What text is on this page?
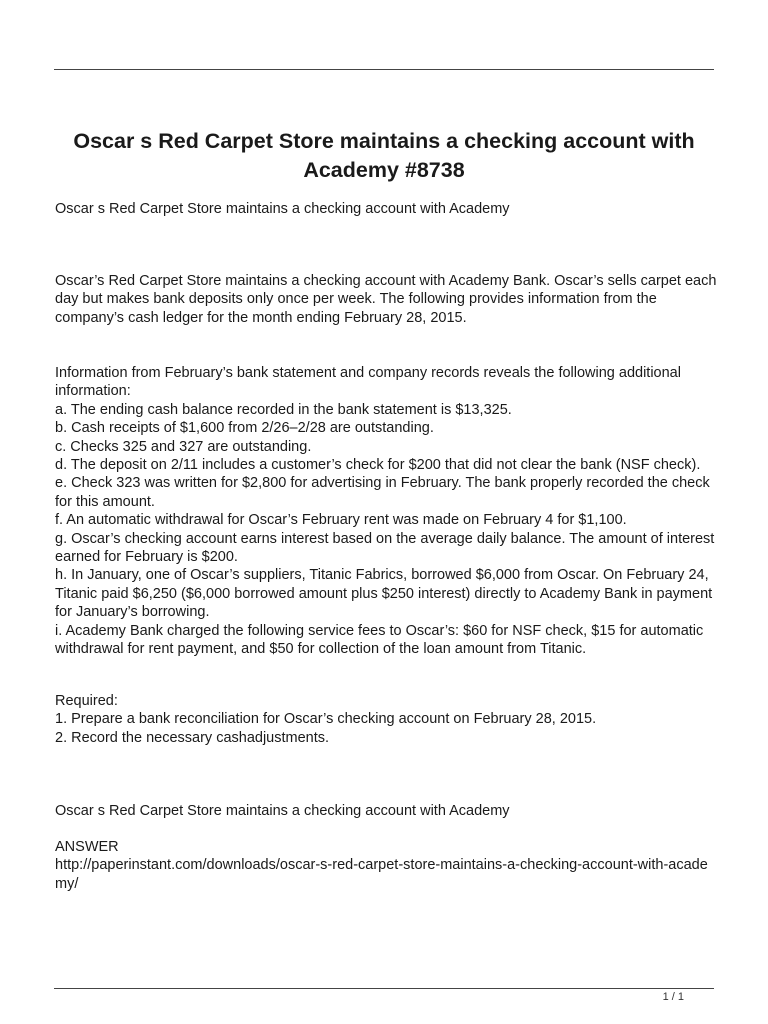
Oscar s Red Carpet Store maintains a checking account with Academy #8738

Oscar s Red Carpet Store maintains a checking account with Academy

Oscar’s Red Carpet Store maintains a checking account with Academy Bank. Oscar’s sells carpet each day but makes bank deposits only once per week. The following provides information from the company’s cash ledger for the month ending February 28, 2015.

Information from February’s bank statement and company records reveals the following additional information:

a. The ending cash balance recorded in the bank statement is $13,325.

b. Cash receipts of $1,600 from 2/26–2/28 are outstanding.

c. Checks 325 and 327 are outstanding.

d. The deposit on 2/11 includes a customer’s check for $200 that did not clear the bank (NSF check).

e. Check 323 was written for $2,800 for advertising in February. The bank properly recorded the check for this amount.

f. An automatic withdrawal for Oscar’s February rent was made on February 4 for $1,100.

g. Oscar’s checking account earns interest based on the average daily balance. The amount of interest earned for February is $200.

h. In January, one of Oscar’s suppliers, Titanic Fabrics, borrowed $6,000 from Oscar. On February 24, Titanic paid $6,250 ($6,000 borrowed amount plus $250 interest) directly to Academy Bank in payment for January’s borrowing.

i. Academy Bank charged the following service fees to Oscar’s: $60 for NSF check, $15 for automatic withdrawal for rent payment, and $50 for collection of the loan amount from Titanic.

Required:

1. Prepare a bank reconciliation for Oscar’s checking account on February 28, 2015.

2. Record the necessary cashadjustments.

Oscar s Red Carpet Store maintains a checking account with Academy

ANSWER

http://paperinstant.com/downloads/oscar-s-red-carpet-store-maintains-a-checking-account-with-academy/

1 / 1
